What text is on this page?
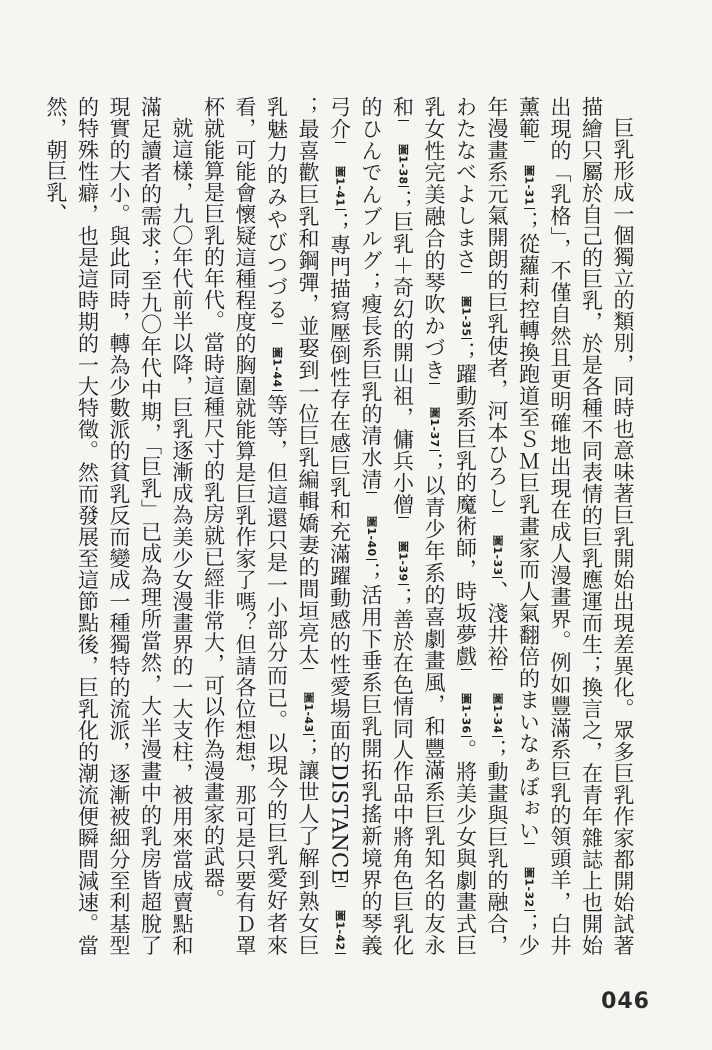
巨乳形成一個獨立的類別，同時也意味著巨乳開始出現差異化。眾多巨乳作家都開始試著描繪只屬於自己的巨乳，於是各種不同表情的巨乳應運而生；換言之，在青年雜誌上也開始出現的「乳格」，不僅自然且更明確地出現在成人漫畫界。例如豐滿系巨乳的領頭羊，白井薰範圖1-31；從蘿莉控轉換跑道至ＳＭ巨乳畫家而人氣翻倍的まいなぁぼぉい圖1-32；少年漫畫系元氣開朗的巨乳使者，河本ひろし圖1-33、淺井裕圖1-34；動畫與巨乳的融合，わたなべよしまさ圖1-35；躍動系巨乳的魔術師，時坂夢戲圖1-36。將美少女與劇畫式巨乳女性完美融合的琴吹かづき圖1-37；以青少年系的喜劇畫風，和豐滿系巨乳知名的友永和圖1-38；巨乳＋奇幻的開山祖，傭兵小僧圖1-39；善於在色情同人作品中將角色巨乳化的ひんでんブルグ；瘦長系巨乳的清水清圖1-40；活用下垂系巨乳開拓乳搖新境界的琴義弓介圖1-41；專門描寫壓倒性存在感巨乳和充滿躍動感的性愛場面的DISTANCE圖1-42；最喜歡巨乳和鋼彈，並娶到一位巨乳編輯嬌妻的間垣亮太圖1-43；讓世人了解到熟女巨乳魅力的みやびつづる圖1-44等等，但這還只是一小部分而已。以現今的巨乳愛好者來看，可能會懷疑這種程度的胸圍就能算是巨乳作家了嗎？但請各位想想，那可是只要有Ｄ罩杯就能算是巨乳的年代。當時這種尺寸的乳房就已經非常大，可以作為漫畫家的武器。

就這樣，九〇年代前半以降，巨乳逐漸成為美少女漫畫界的一大支柱，被用來當成賣點和滿足讀者的需求；至九〇年代中期，「巨乳」已成為理所當然，大半漫畫中的乳房皆超脫了現實的大小。與此同時，轉為少數派的貧乳反而變成一種獨特的流派，逐漸被細分至利基型的特殊性癖，也是這時期的一大特徵。然而發展至這節點後，巨乳化的潮流便瞬間減速。當然，朝巨乳、

046
